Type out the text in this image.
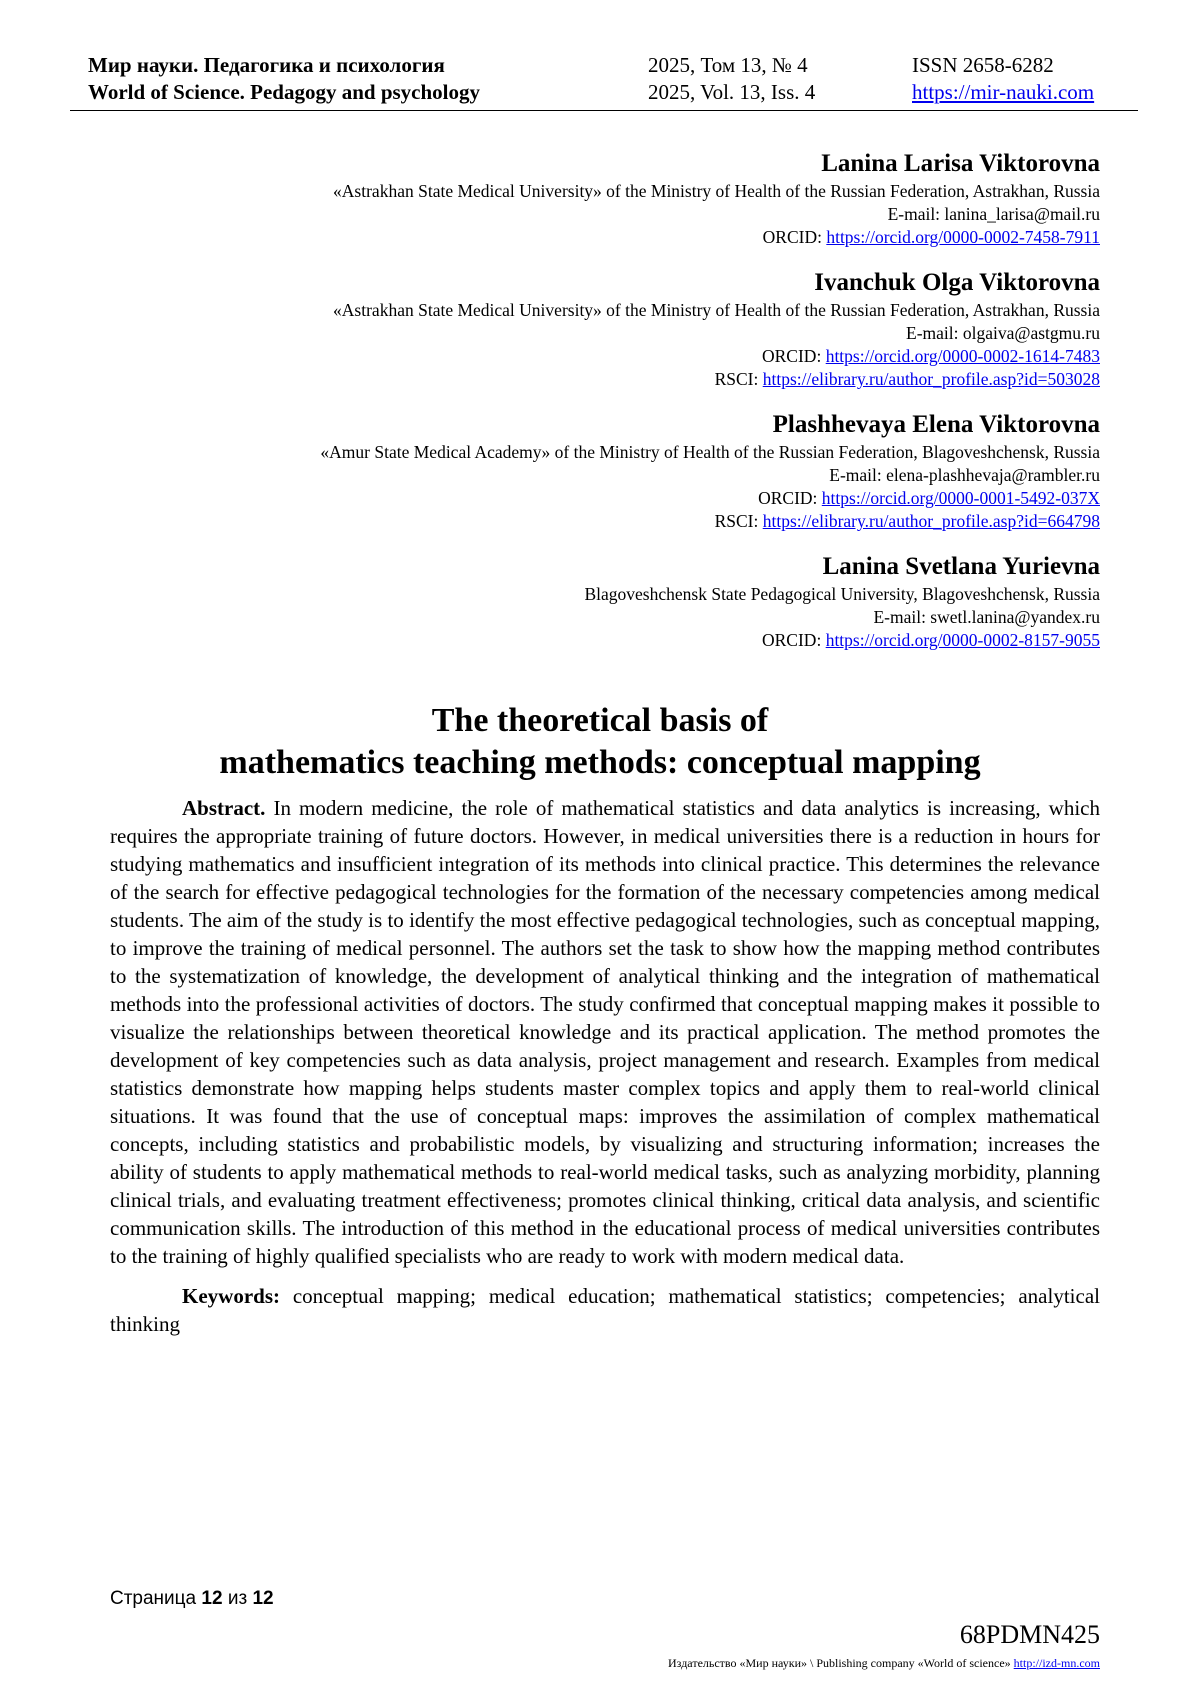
Мир науки. Педагогика и психология
World of Science. Pedagogy and psychology
2025, Том 13, № 4
2025, Vol. 13, Iss. 4
ISSN 2658-6282
https://mir-nauki.com
Lanina Larisa Viktorovna
«Astrakhan State Medical University» of the Ministry of Health of the Russian Federation, Astrakhan, Russia
E-mail: lanina_larisa@mail.ru
ORCID: https://orcid.org/0000-0002-7458-7911
Ivanchuk Olga Viktorovna
«Astrakhan State Medical University» of the Ministry of Health of the Russian Federation, Astrakhan, Russia
E-mail: olgaiva@astgmu.ru
ORCID: https://orcid.org/0000-0002-1614-7483
RSCI: https://elibrary.ru/author_profile.asp?id=503028
Plashhevaya Elena Viktorovna
«Amur State Medical Academy» of the Ministry of Health of the Russian Federation, Blagoveshchensk, Russia
E-mail: elena-plashhevaja@rambler.ru
ORCID: https://orcid.org/0000-0001-5492-037X
RSCI: https://elibrary.ru/author_profile.asp?id=664798
Lanina Svetlana Yurievna
Blagoveshchensk State Pedagogical University, Blagoveshchensk, Russia
E-mail: swetl.lanina@yandex.ru
ORCID: https://orcid.org/0000-0002-8157-9055
The theoretical basis of
mathematics teaching methods: conceptual mapping

Abstract. In modern medicine, the role of mathematical statistics and data analytics is increasing, which requires the appropriate training of future doctors. However, in medical universities there is a reduction in hours for studying mathematics and insufficient integration of its methods into clinical practice. This determines the relevance of the search for effective pedagogical technologies for the formation of the necessary competencies among medical students. The aim of the study is to identify the most effective pedagogical technologies, such as conceptual mapping, to improve the training of medical personnel. The authors set the task to show how the mapping method contributes to the systematization of knowledge, the development of analytical thinking and the integration of mathematical methods into the professional activities of doctors. The study confirmed that conceptual mapping makes it possible to visualize the relationships between theoretical knowledge and its practical application. The method promotes the development of key competencies such as data analysis, project management and research. Examples from medical statistics demonstrate how mapping helps students master complex topics and apply them to real-world clinical situations. It was found that the use of conceptual maps: improves the assimilation of complex mathematical concepts, including statistics and probabilistic models, by visualizing and structuring information; increases the ability of students to apply mathematical methods to real-world medical tasks, such as analyzing morbidity, planning clinical trials, and evaluating treatment effectiveness; promotes clinical thinking, critical data analysis, and scientific communication skills. The introduction of this method in the educational process of medical universities contributes to the training of highly qualified specialists who are ready to work with modern medical data.

Keywords: conceptual mapping; medical education; mathematical statistics; competencies; analytical thinking

Страница 12 из 12
68PDMN425
Издательство «Мир науки» \ Publishing company «World of science» http://izd-mn.com
